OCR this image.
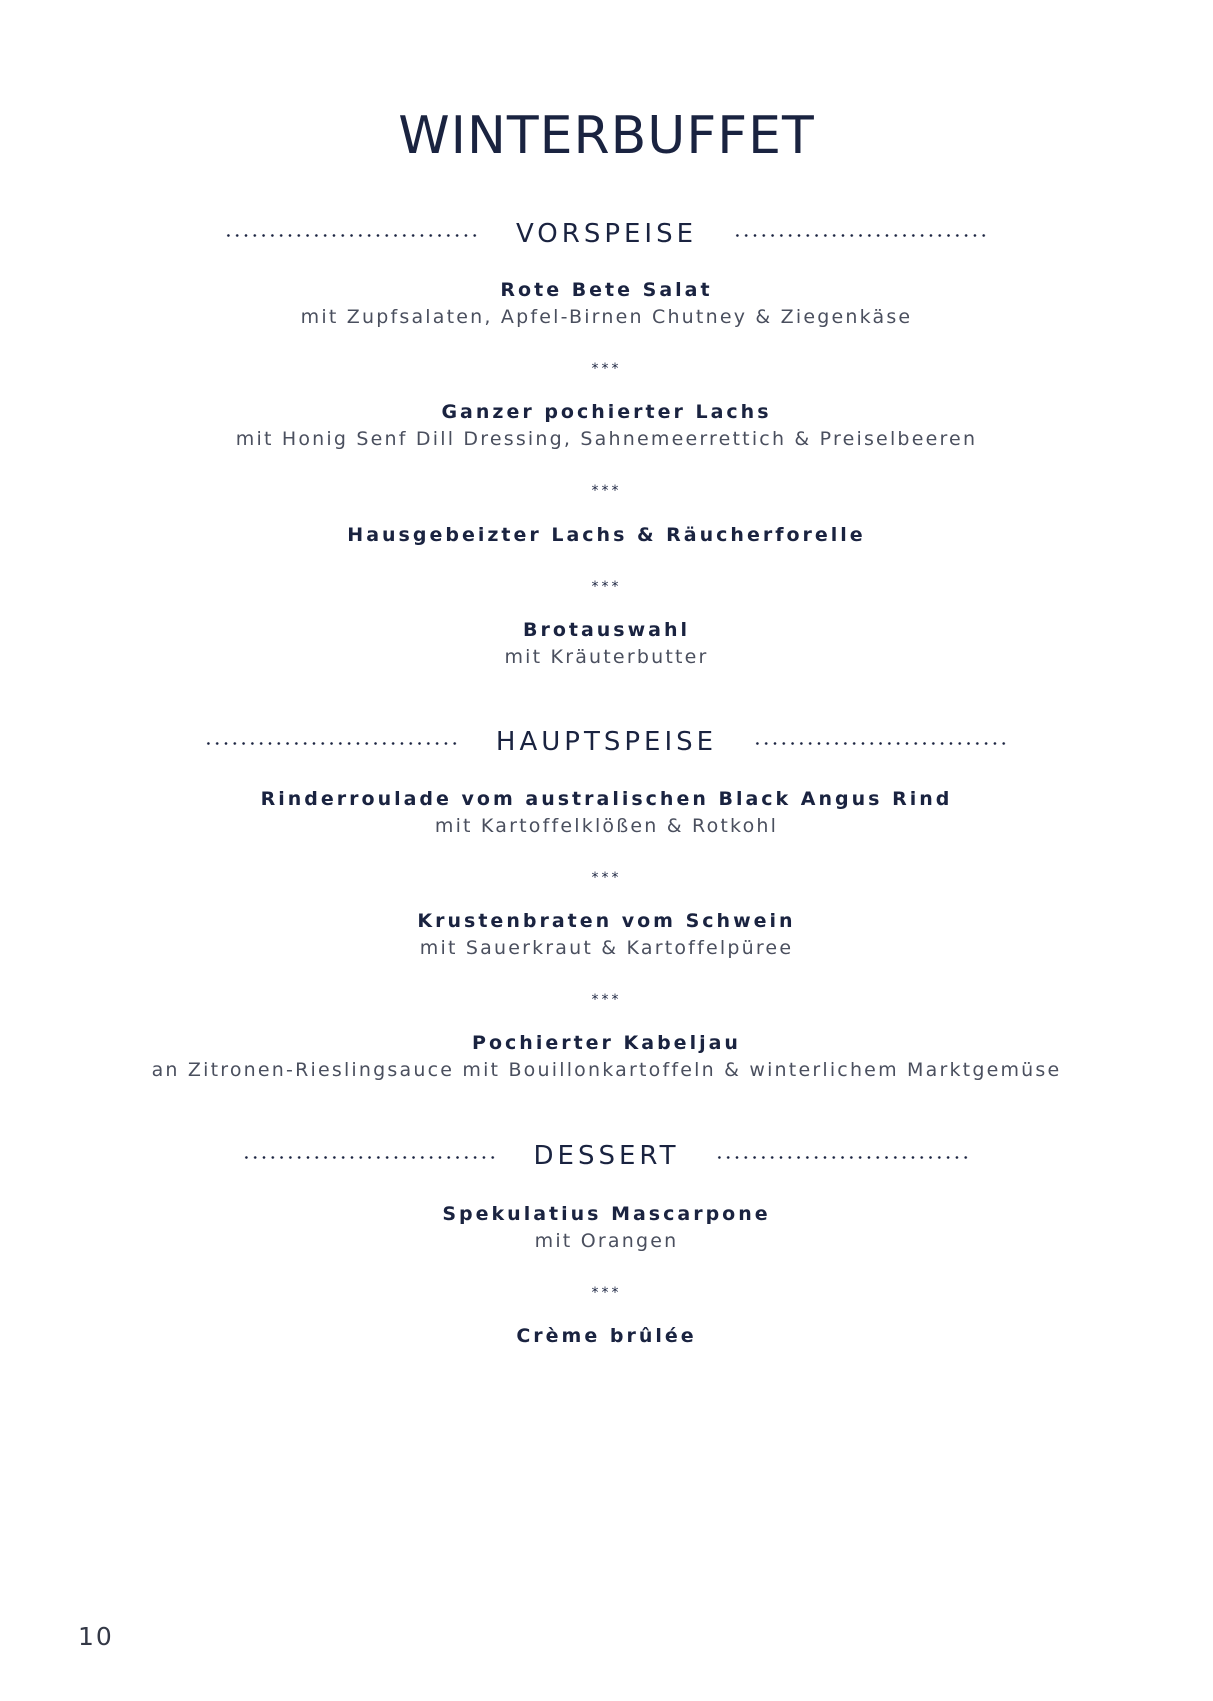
WINTERBUFFET
VORSPEISE
Rote Bete Salat
mit Zupfsalaten, Apfel-Birnen Chutney & Ziegenkäse
***
Ganzer pochierter Lachs
mit Honig Senf Dill Dressing, Sahnemeerrettich & Preiselbeeren
***
Hausgebeizter Lachs & Räucherforelle
***
Brotauswahl
mit Kräuterbutter
HAUPTSPEISE
Rinderroulade vom australischen Black Angus Rind
mit Kartoffelklößen & Rotkohl
***
Krustenbraten vom Schwein
mit Sauerkraut & Kartoffelpüree
***
Pochierter Kabeljau
an Zitronen-Rieslingsauce mit Bouillonkartoffeln & winterlichem Marktgemüse
DESSERT
Spekulatius Mascarpone
mit Orangen
***
Crème brûlée
10
